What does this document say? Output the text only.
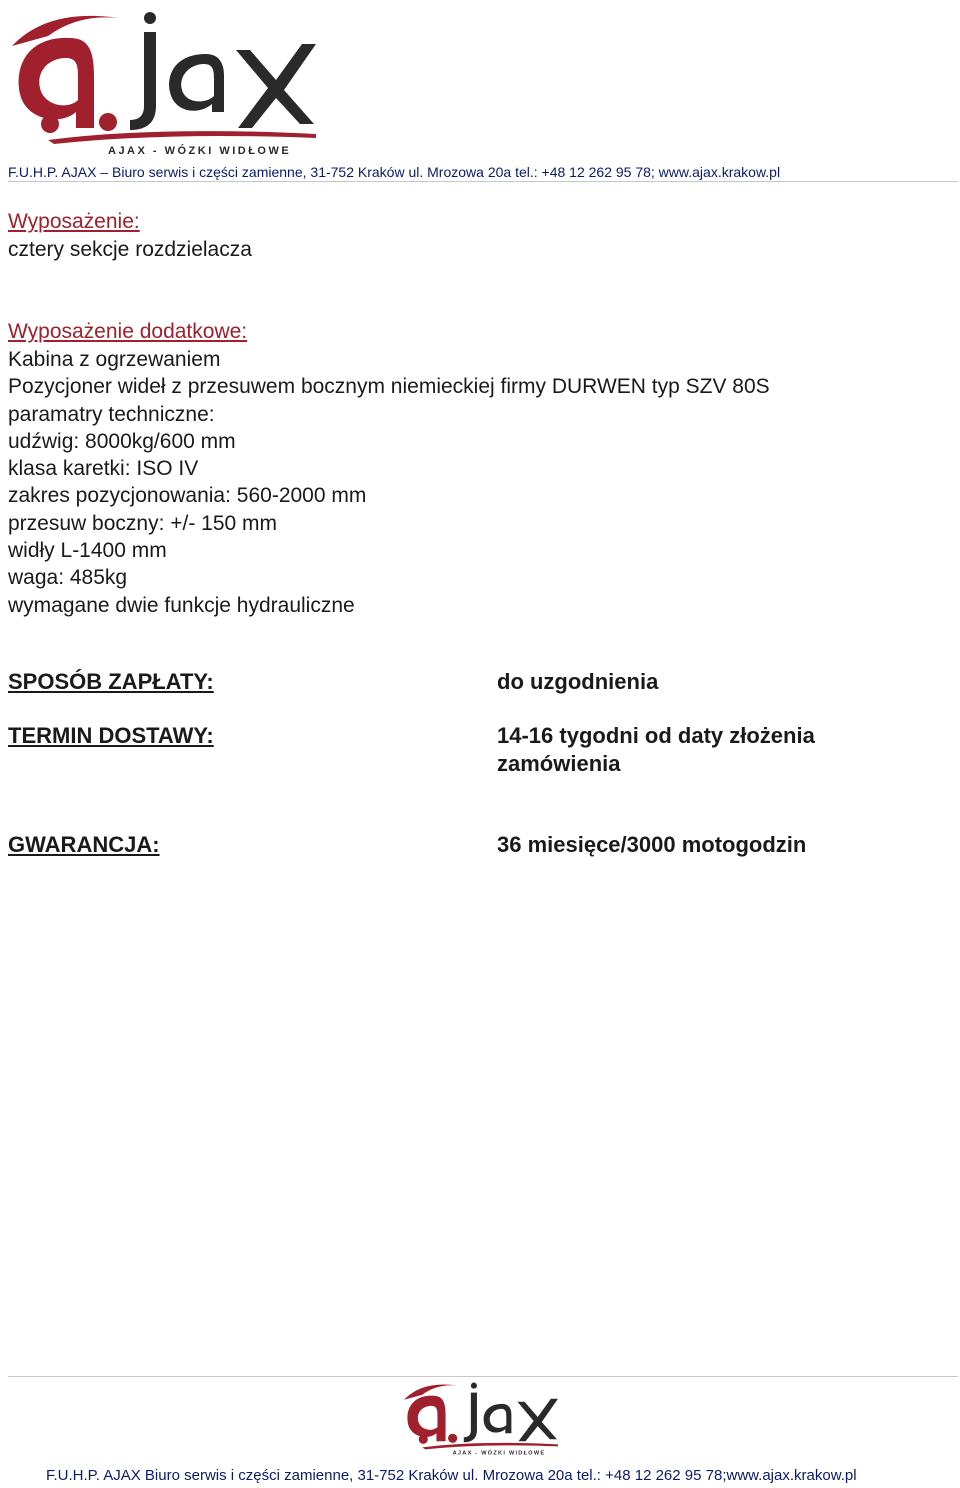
AJAX - WÓZKI WIDŁOWE
F.U.H.P. AJAX – Biuro serwis i części zamienne, 31-752 Kraków ul. Mrozowa 20a tel.: +48 12 262 95 78; www.ajax.krakow.pl
Wyposażenie:
cztery sekcje rozdzielacza
Wyposażenie dodatkowe:
Kabina z ogrzewaniem
Pozycjoner wideł z przesuwem bocznym niemieckiej firmy DURWEN typ SZV 80S
paramatry techniczne:
udźwig: 8000kg/600 mm
klasa karetki: ISO IV
zakres pozycjonowania: 560-2000 mm
przesuw boczny: +/- 150 mm
widły L-1400 mm
waga: 485kg
wymagane dwie funkcje hydrauliczne
SPOSÓB ZAPŁATY:	do uzgodnienia
TERMIN DOSTAWY:	14-16 tygodni od daty złożenia zamówienia
GWARANCJA:	36 miesięce/3000 motogodzin
AJAX - WÓZKI WIDŁOWE
F.U.H.P. AJAX Biuro serwis i części zamienne, 31-752 Kraków ul. Mrozowa 20a tel.: +48 12 262 95 78;www.ajax.krakow.pl
